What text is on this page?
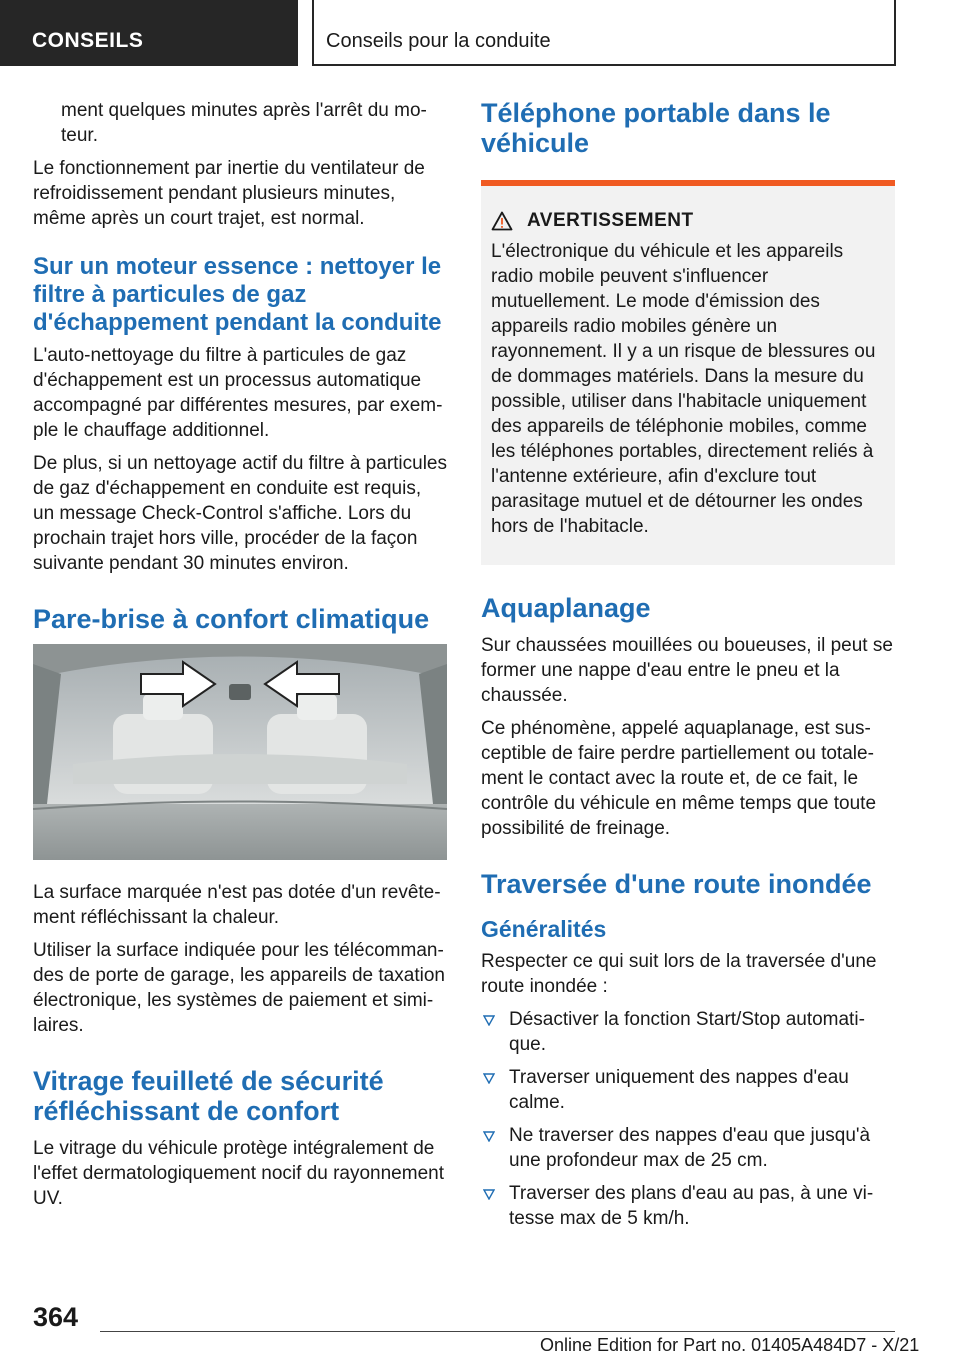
CONSEILS	Conseils pour la conduite

ment quelques minutes après l'arrêt du moteur.

Le fonctionnement par inertie du ventilateur de refroidissement pendant plusieurs minutes, même après un court trajet, est normal.

Sur un moteur essence : nettoyer le filtre à particules de gaz d'échappement pendant la conduite

L'auto-nettoyage du filtre à particules de gaz d'échappement est un processus automatique accompagné par différentes mesures, par exemple le chauffage additionnel.

De plus, si un nettoyage actif du filtre à particules de gaz d'échappement en conduite est requis, un message Check-Control s'affiche. Lors du prochain trajet hors ville, procéder de la façon suivante pendant 30 minutes environ.

Pare-brise à confort climatique

La surface marquée n'est pas dotée d'un revêtement réfléchissant la chaleur.

Utiliser la surface indiquée pour les télécommandes de porte de garage, les appareils de taxation électronique, les systèmes de paiement et similaires.

Vitrage feuilleté de sécurité réfléchissant de confort

Le vitrage du véhicule protège intégralement de l'effet dermatologiquement nocif du rayonnement UV.

Téléphone portable dans le véhicule
AVERTISSEMENT

L'électronique du véhicule et les appareils radio mobile peuvent s'influencer mutuellement. Le mode d'émission des appareils radio mobiles génère un rayonnement. Il y a un risque de blessures ou de dommages matériels. Dans la mesure du possible, utiliser dans l'habitacle uniquement des appareils de téléphonie mobiles, comme les téléphones portables, directement reliés à l'antenne extérieure, afin d'exclure tout parasitage mutuel et de détourner les ondes hors de l'habitacle.

Aquaplanage

Sur chaussées mouillées ou boueuses, il peut se former une nappe d'eau entre le pneu et la chaussée.

Ce phénomène, appelé aquaplanage, est susceptible de faire perdre partiellement ou totalement le contact avec la route et, de ce fait, le contrôle du véhicule en même temps que toute possibilité de freinage.

Traversée d'une route inondée
Généralités

Respecter ce qui suit lors de la traversée d'une route inondée :

Désactiver la fonction Start/Stop automatique.
Traverser uniquement des nappes d'eau calme.
Ne traverser des nappes d'eau que jusqu'à une profondeur max de 25 cm.
Traverser des plans d'eau au pas, à une vitesse max de 5 km/h.
364
Online Edition for Part no. 01405A484D7 - X/21
